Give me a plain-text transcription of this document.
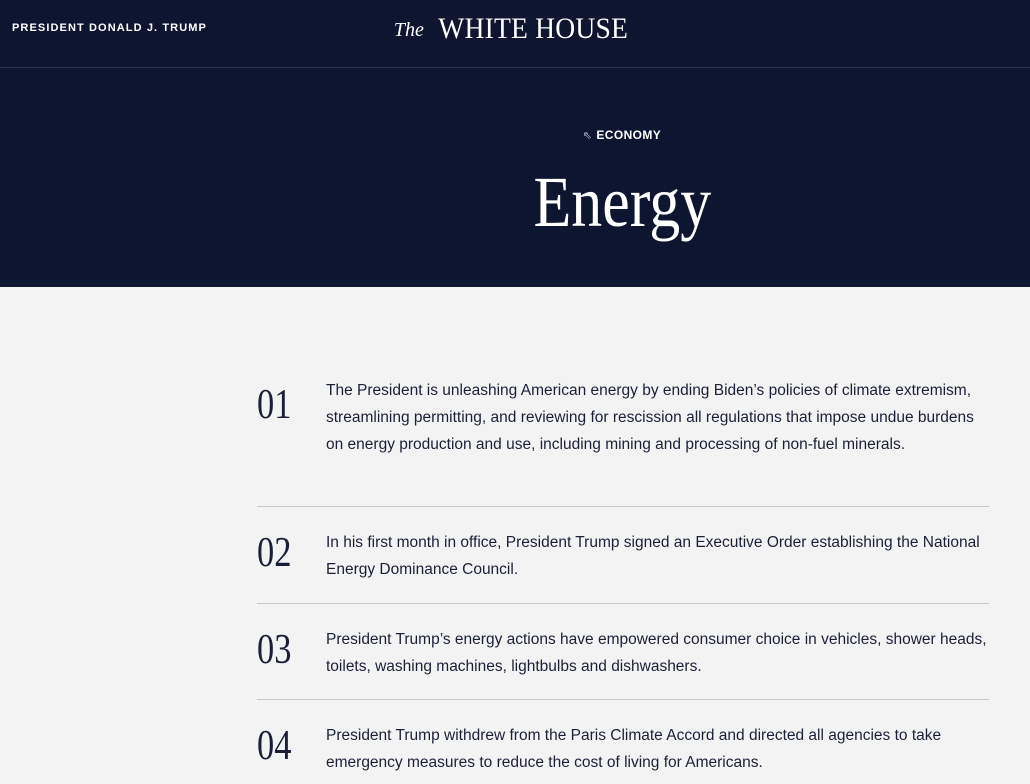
PRESIDENT DONALD J. TRUMP	The WHITE HOUSE
⇖ ECONOMY
Energy
01	The President is unleashing American energy by ending Biden’s policies of climate extremism, streamlining permitting, and reviewing for rescission all regulations that impose undue burdens on energy production and use, including mining and processing of non-fuel minerals.
02	In his first month in office, President Trump signed an Executive Order establishing the National Energy Dominance Council.
03	President Trump’s energy actions have empowered consumer choice in vehicles, shower heads, toilets, washing machines, lightbulbs and dishwashers.
04	President Trump withdrew from the Paris Climate Accord and directed all agencies to take emergency measures to reduce the cost of living for Americans.
